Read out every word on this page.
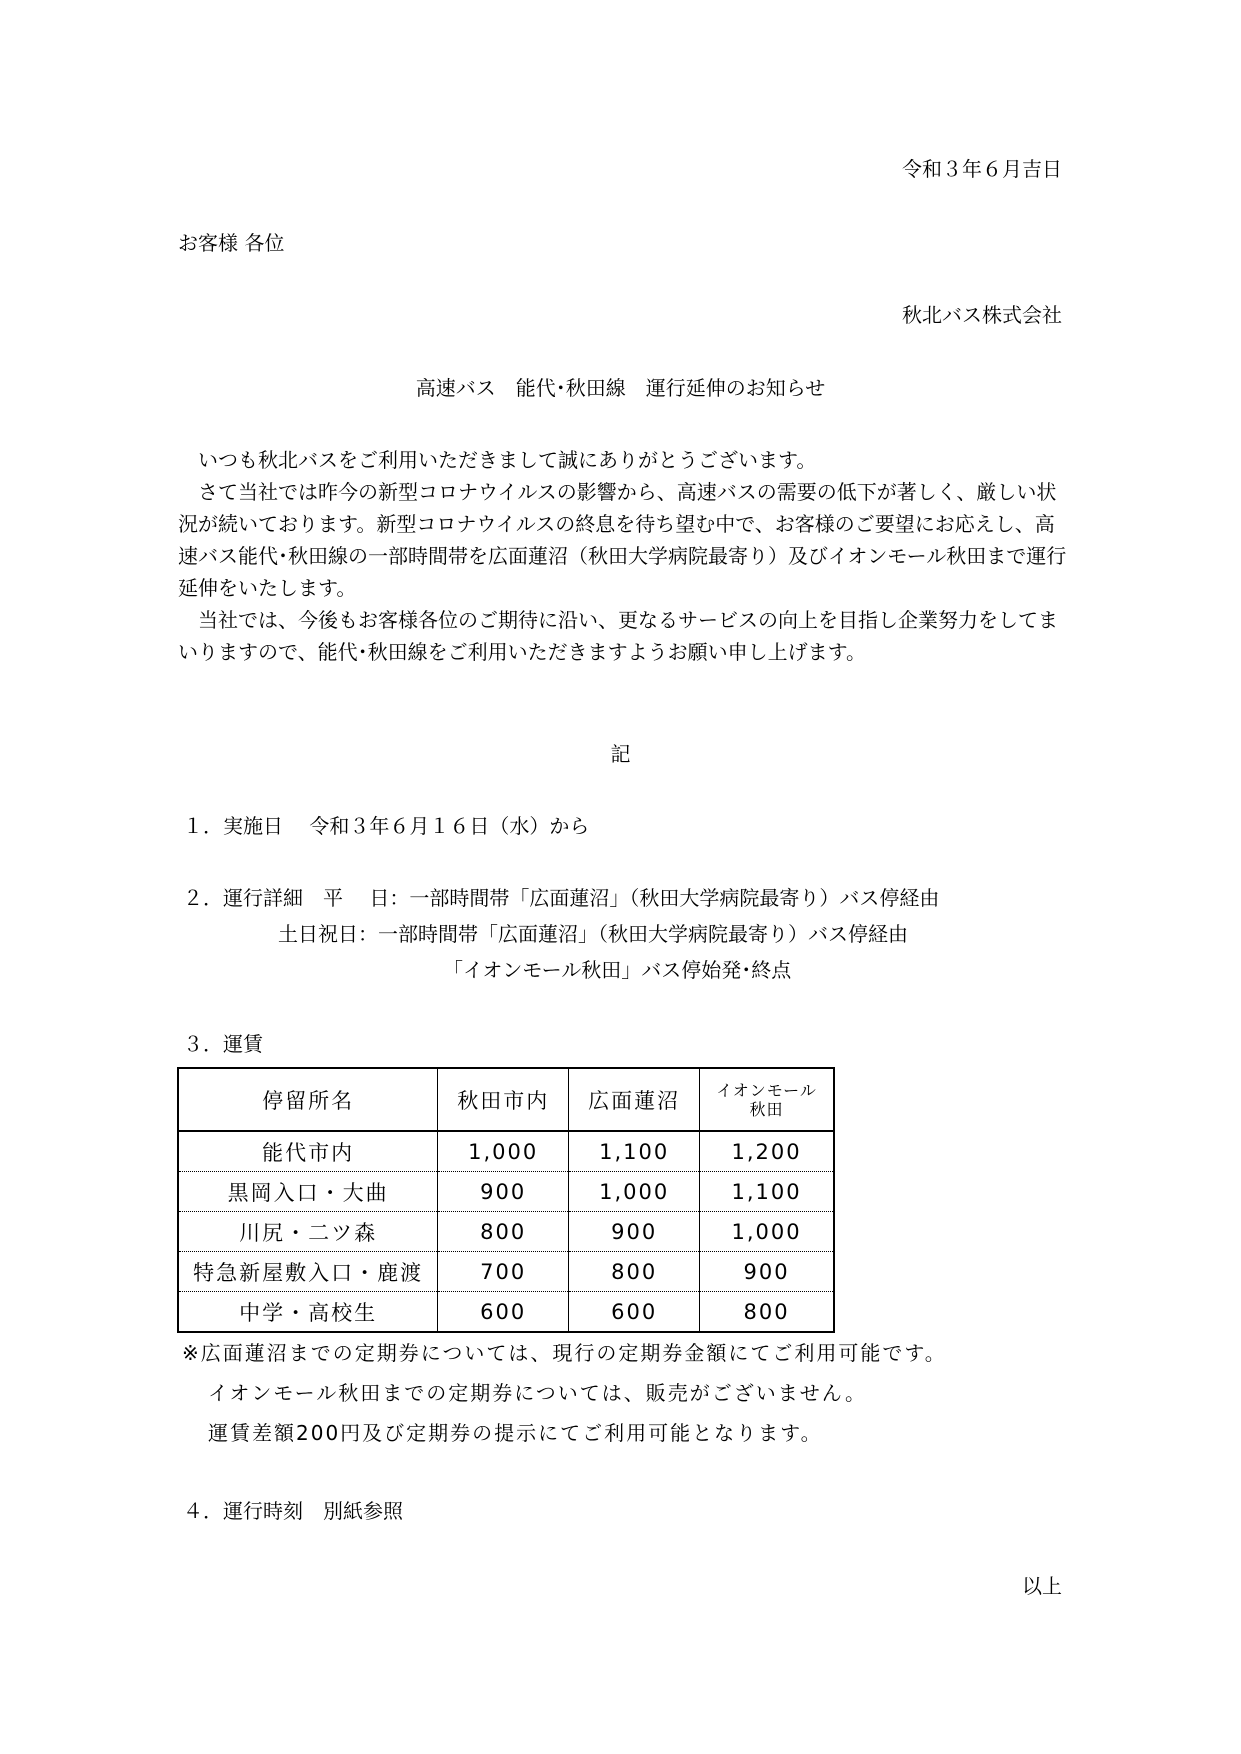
令和３年６月吉日
お客様 各位
秋北バス株式会社
高速バス　能代･秋田線　運行延伸のお知らせ

いつも秋北バスをご利用いただきまして誠にありがとうございます。

さて当社では昨今の新型コロナウイルスの影響から、高速バスの需要の低下が著しく、厳しい状況が続いております。新型コロナウイルスの終息を待ち望む中で、お客様のご要望にお応えし、高速バス能代･秋田線の一部時間帯を広面蓮沼（秋田大学病院最寄り）及びイオンモール秋田まで運行延伸をいたします。

当社では、今後もお客様各位のご期待に沿い、更なるサービスの向上を目指し企業努力をしてまいりますので、能代･秋田線をご利用いただきますようお願い申し上げます。

記
１．実施日　 令和３年６月１６日（水）から
２．運行詳細　平　 日：一部時間帯「広面蓮沼」（秋田大学病院最寄り）バス停経由
土日祝日：一部時間帯「広面蓮沼」（秋田大学病院最寄り）バス停経由
「イオンモール秋田」バス停始発･終点
３．運賃
停留所名	秋田市内	広面蓮沼	イオンモール
秋田
能代市内	1,000	1,100	1,200
黒岡入口・大曲	900	1,000	1,100
川尻・二ツ森	800	900	1,000
特急新屋敷入口・鹿渡	700	800	900
中学・高校生	600	600	800
※広面蓮沼までの定期券については、現行の定期券金額にてご利用可能です。
イオンモール秋田までの定期券については、販売がございません。
運賃差額200円及び定期券の提示にてご利用可能となります。
４．運行時刻　別紙参照
以上
